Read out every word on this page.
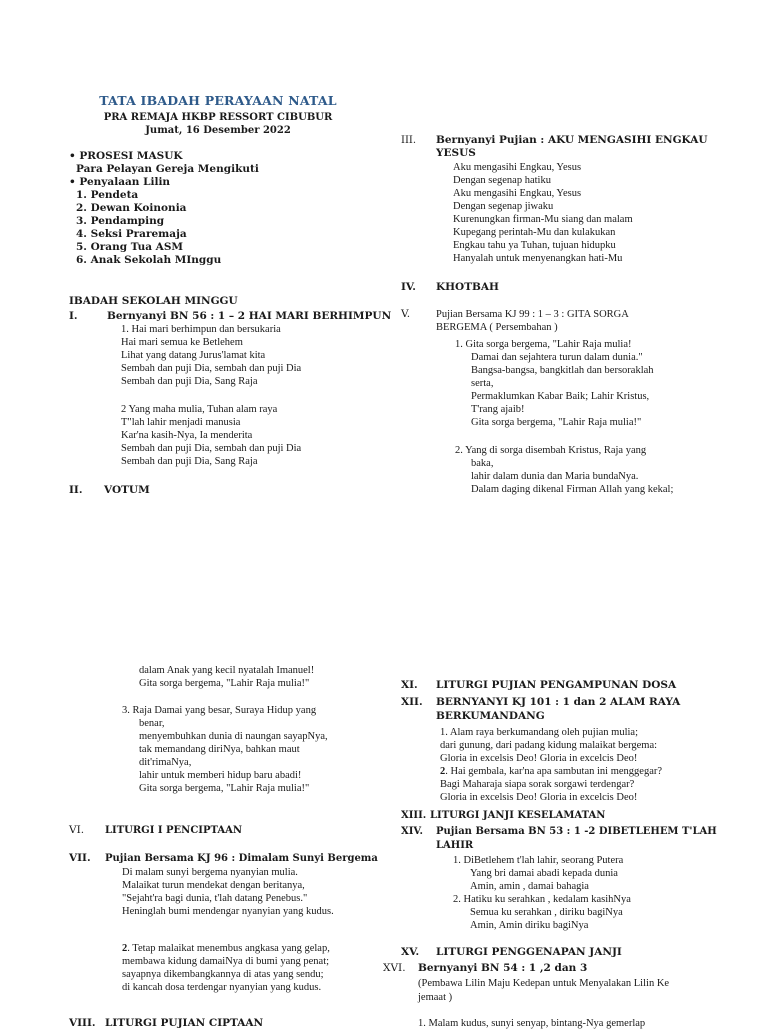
TATA IBADAH PERAYAAN NATAL
PRA REMAJA HKBP RESSORT CIBUBUR
Jumat, 16 Desember 2022
• PROSESI MASUK
Para Pelayan Gereja Mengikuti
• Penyalaan Lilin
1. Pendeta
2. Dewan Koinonia
3. Pendamping
4. Seksi Praremaja
5. Orang Tua ASM
6. Anak Sekolah MInggu
IBADAH SEKOLAH MINGGU
I.	Bernyanyi BN 56 : 1 – 2 HAI MARI BERHIMPUN
1. Hai mari berhimpun dan bersukaria
Hai mari semua ke Betlehem
Lihat yang datang Jurus'lamat kita
Sembah dan puji Dia, sembah dan puji Dia
Sembah dan puji Dia, Sang Raja
2 Yang maha mulia, Tuhan alam raya
T"lah lahir menjadi manusia
Kar'na kasih-Nya, Ia menderita
Sembah dan puji Dia, sembah dan puji Dia
Sembah dan puji Dia, Sang Raja
II. VOTUM
III. Bernyanyi Pujian : AKU MENGASIHI ENGKAU
YESUS
Aku mengasihi Engkau, Yesus
Dengan segenap hatiku
Aku mengasihi Engkau, Yesus
Dengan segenap jiwaku
Kurenungkan firman-Mu siang dan malam
Kupegang perintah-Mu dan kulakukan
Engkau tahu ya Tuhan, tujuan hidupku
Hanyalah untuk menyenangkan hati-Mu
IV. KHOTBAH
V. Pujian Bersama KJ 99 : 1 – 3 : GITA SORGA
BERGEMA ( Persembahan )
1. Gita sorga bergema, "Lahir Raja mulia!
Damai dan sejahtera turun dalam dunia."
Bangsa-bangsa, bangkitlah dan bersoraklah
serta,
Permaklumkan Kabar Baik; Lahir Kristus,
T'rang ajaib!
Gita sorga bergema, "Lahir Raja mulia!"
2. Yang di sorga disembah Kristus, Raja yang
baka,
lahir dalam dunia dan Maria bundaNya.
Dalam daging dikenal Firman Allah yang kekal;
dalam Anak yang kecil nyatalah Imanuel!
Gita sorga bergema, "Lahir Raja mulia!"
3. Raja Damai yang besar, Suraya Hidup yang
benar,
menyembuhkan dunia di naungan sayapNya,
tak memandang diriNya, bahkan maut
dit'rimaNya,
lahir untuk memberi hidup baru abadi!
Gita sorga bergema, "Lahir Raja mulia!"
VI. LITURGI I PENCIPTAAN
VII. Pujian Bersama KJ 96 : Dimalam Sunyi Bergema
Di malam sunyi bergema nyanyian mulia.
Malaikat turun mendekat dengan beritanya,
"Sejaht'ra bagi dunia, t'lah datang Penebus."
Heninglah bumi mendengar nyanyian yang kudus.
2. Tetap malaikat menembus angkasa yang gelap,
membawa kidung damaiNya di bumi yang penat;
sayapnya dikembangkannya di atas yang sendu;
di kancah dosa terdengar nyanyian yang kudus.
VIII. LITURGI PUJIAN CIPTAAN
XI. LITURGI PUJIAN PENGAMPUNAN DOSA
XII. BERNYANYI KJ 101 : 1 dan 2 ALAM RAYA
BERKUMANDANG
1. Alam raya berkumandang oleh pujian mulia;
dari gunung, dari padang kidung malaikat bergema:
Gloria in excelsis Deo! Gloria in excelcis Deo!
2. Hai gembala, kar'na apa sambutan ini menggegar?
Bagi Maharaja siapa sorak sorgawi terdengar?
Gloria in excelsis Deo! Gloria in excelcis Deo!
XIII. LITURGI JANJI KESELAMATAN
XIV. Pujian Bersama BN 53 : 1 -2 DIBETLEHEM T'LAH
LAHIR
1. DiBetlehem t'lah lahir, seorang Putera
Yang bri damai abadi kepada dunia
Amin, amin , damai bahagia
2. Hatiku ku serahkan , kedalam kasihNya
Semua ku serahkan , diriku bagiNya
Amin, Amin diriku bagiNya
XV. LITURGI PENGGENAPAN JANJI
XVI. Bernyanyi BN 54 : 1 ,2 dan 3
(Pembawa Lilin Maju Kedepan untuk Menyalakan Lilin Ke
jemaat )
1. Malam kudus, sunyi senyap, bintang-Nya gemerlap
